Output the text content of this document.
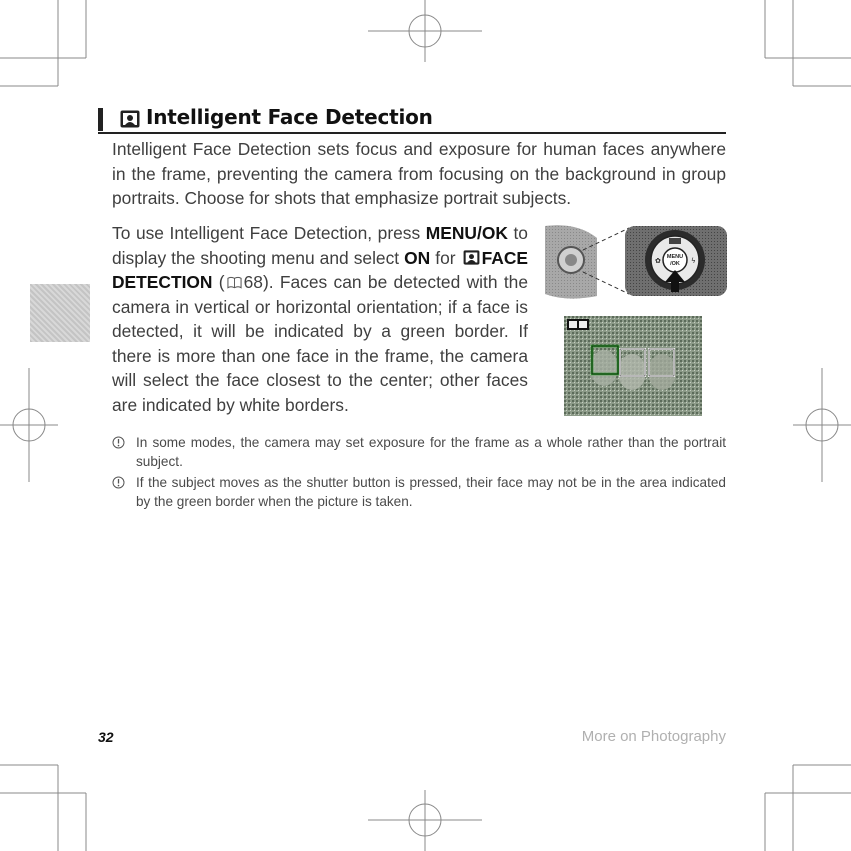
Intelligent Face Detection
Intelligent Face Detection sets focus and exposure for human faces anywhere in the frame, preventing the camera from focusing on the background in group portraits. Choose for shots that emphasize portrait subjects.
To use Intelligent Face Detection, press MENU/OK to display the shooting menu and select ON for FACE DETECTION ( 68). Faces can be detected with the camera in vertical or horizontal orientation; if a face is detected, it will be indicated by a green border. If there is more than one face in the frame, the camera will select the face closest to the center; other faces are indicated by white borders.
MENU
/OK
✿	ϟ
In some modes, the camera may set exposure for the frame as a whole rather than the portrait subject.
If the subject moves as the shutter button is pressed, their face may not be in the area indicated by the green border when the picture is taken.
32	More on Photography
